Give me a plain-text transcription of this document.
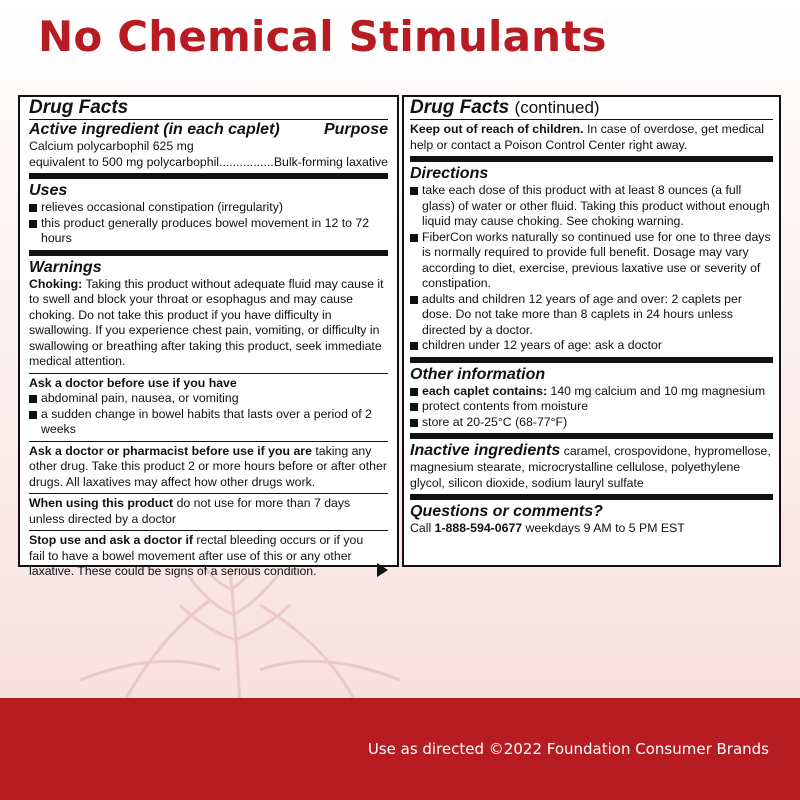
No Chemical Stimulants
Drug Facts
Active ingredient (in each caplet)	Purpose
Calcium polycarbophil 625 mg
equivalent to 500 mg polycarbophil
.....	Bulk-forming laxative
Uses
relieves occasional constipation (irregularity)
this product generally produces bowel movement in 12 to 72 hours
Warnings
Choking: Taking this product without adequate fluid may cause it to swell and block your throat or esophagus and may cause choking. Do not take this product if you have difficulty in swallowing. If you experience chest pain, vomiting, or difficulty in swallowing or breathing after taking this product, seek immediate medical attention.
Ask a doctor before use if you have
abdominal pain, nausea, or vomiting
a sudden change in bowel habits that lasts over a period of 2 weeks
Ask a doctor or pharmacist before use if you are taking any other drug. Take this product 2 or more hours before or after other drugs. All laxatives may affect how other drugs work.
When using this product do not use for more than 7 days unless directed by a doctor
Stop use and ask a doctor if rectal bleeding occurs or if you fail to have a bowel movement after use of this or any other laxative. These could be signs of a serious condition.
Drug Facts (continued)
Keep out of reach of children. In case of overdose, get medical help or contact a Poison Control Center right away.
Directions
take each dose of this product with at least 8 ounces (a full glass) of water or other fluid. Taking this product without enough liquid may cause choking. See choking warning.
FiberCon works naturally so continued use for one to three days is normally required to provide full benefit. Dosage may vary according to diet, exercise, previous laxative use or severity of constipation.
adults and children 12 years of age and over: 2 caplets per dose. Do not take more than 8 caplets in 24 hours unless directed by a doctor.
children under 12 years of age: ask a doctor
Other information
each caplet contains: 140 mg calcium and 10 mg magnesium
protect contents from moisture
store at 20-25°C (68-77°F)
Inactive ingredients caramel, crospovidone, hypromellose, magnesium stearate, microcrystalline cellulose, polyethylene glycol, silicon dioxide, sodium lauryl sulfate
Questions or comments?
Call 1-888-594-0677 weekdays 9 AM to 5 PM EST
Use as directed ©2022 Foundation Consumer Brands
